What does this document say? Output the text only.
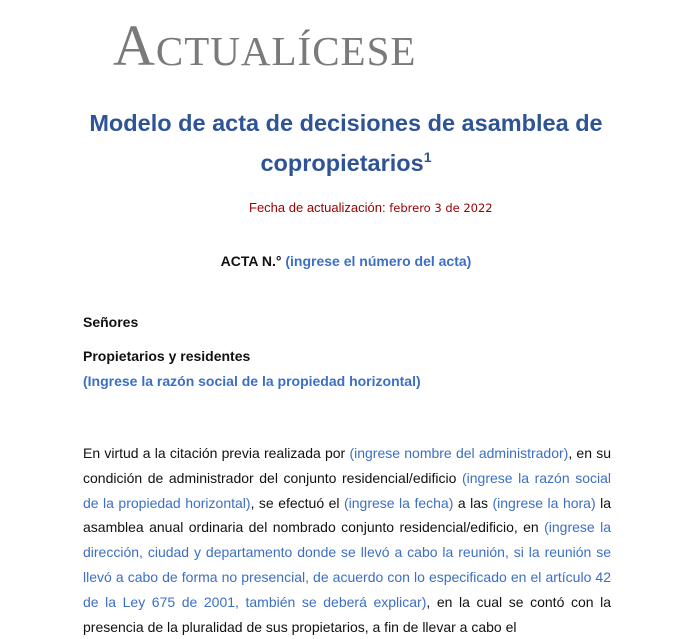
Actualícese
Modelo de acta de decisiones de asamblea de
copropietarios$^1$
Fecha de actualización: febrero 3 de 2022
ACTA N.° (ingrese el número del acta)
Señores
Propietarios y residentes
(Ingrese la razón social de la propiedad horizontal)
En virtud a la citación previa realizada por (ingrese nombre del administrador), en su condición de administrador del conjunto residencial/edificio (ingrese la razón social de la propiedad horizontal), se efectuó el (ingrese la fecha) a las (ingrese la hora) la asamblea anual ordinaria del nombrado conjunto residencial/edificio, en (ingrese la dirección, ciudad y departamento donde se llevó a cabo la reunión, si la reunión se llevó a cabo de forma no presencial, de acuerdo con lo especificado en el artículo 42 de la Ley 675 de 2001, también se deberá explicar), en la cual se contó con la presencia de la pluralidad de sus propietarios, a fin de llevar a cabo el
